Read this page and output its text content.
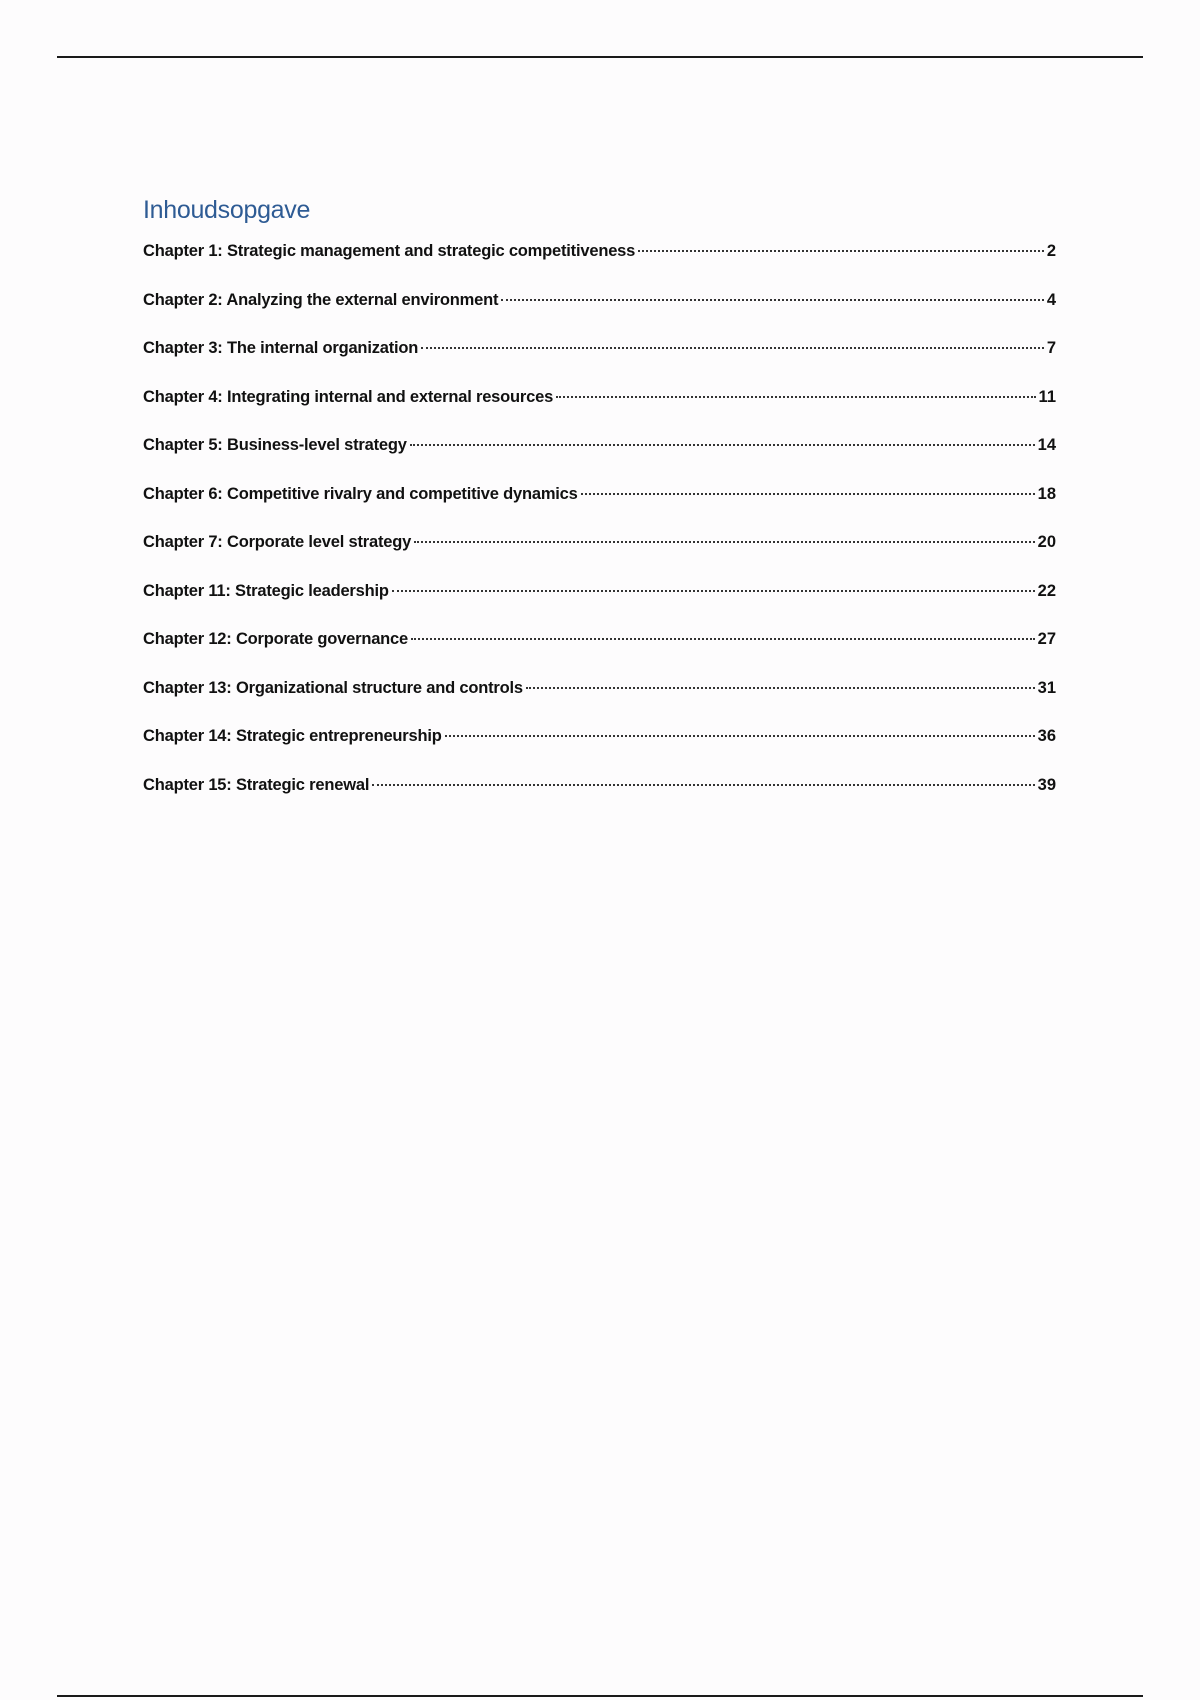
Inhoudsopgave
Chapter 1: Strategic management and strategic competitiveness	2
Chapter 2: Analyzing the external environment	4
Chapter 3: The internal organization	7
Chapter 4: Integrating internal and external resources	11
Chapter 5: Business-level strategy	14
Chapter 6: Competitive rivalry and competitive dynamics	18
Chapter 7: Corporate level strategy	20
Chapter 11: Strategic leadership	22
Chapter 12: Corporate governance	27
Chapter 13: Organizational structure and controls	31
Chapter 14: Strategic entrepreneurship	36
Chapter 15: Strategic renewal	39
